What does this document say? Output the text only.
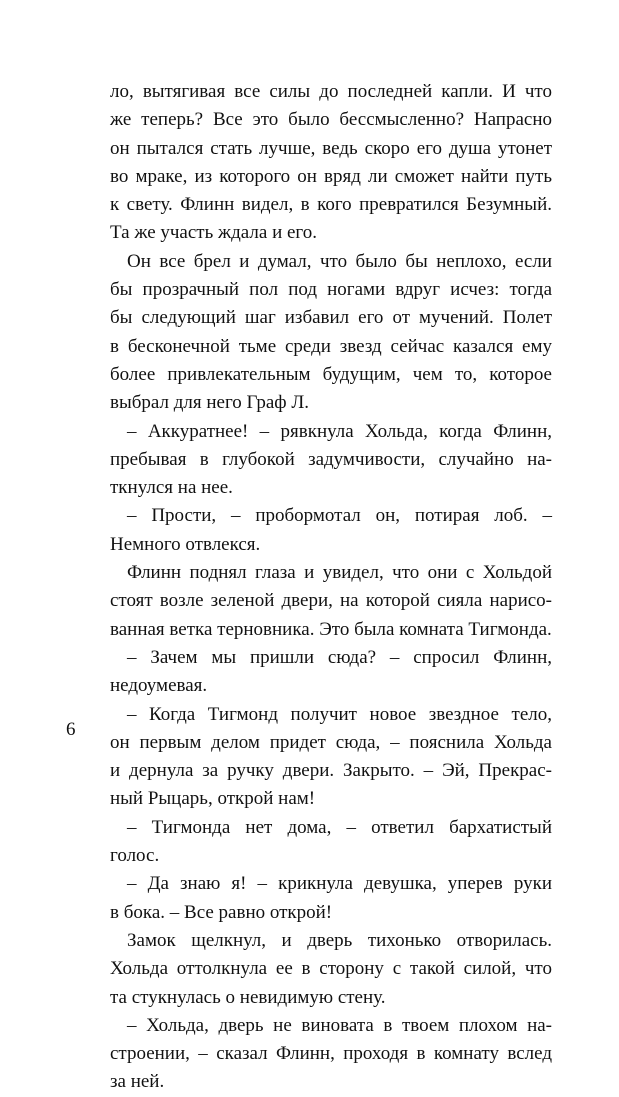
ло, вытягивая все силы до последней капли. И что
же теперь? Все это было бессмысленно? Напрасно
он пытался стать лучше, ведь скоро его душа утонет
во мраке, из которого он вряд ли сможет найти путь
к свету. Флинн видел, в кого превратился Безумный.
Та же участь ждала и его.
Он все брел и думал, что было бы неплохо, если
бы прозрачный пол под ногами вдруг исчез: тогда
бы следующий шаг избавил его от мучений. Полет
в бесконечной тьме среди звезд сейчас казался ему
более привлекательным будущим, чем то, которое
выбрал для него Граф Л.
– Аккуратнее! – рявкнула Хольда, когда Флинн,
пребывая в глубокой задумчивости, случайно на-
ткнулся на нее.
– Прости, – пробормотал он, потирая лоб. –
Немного отвлекся.
Флинн поднял глаза и увидел, что они с Хольдой
стоят возле зеленой двери, на которой сияла нарисо-
ванная ветка терновника. Это была комната Тигмонда.
– Зачем мы пришли сюда? – спросил Флинн,
недоумевая.
– Когда Тигмонд получит новое звездное тело,
он первым делом придет сюда, – пояснила Хольда
и дернула за ручку двери. Закрыто. – Эй, Прекрас-
ный Рыцарь, открой нам!
– Тигмонда нет дома, – ответил бархатистый
голос.
– Да знаю я! – крикнула девушка, уперев руки
в бока. – Все равно открой!
Замок щелкнул, и дверь тихонько отворилась.
Хольда оттолкнула ее в сторону с такой силой, что
та стукнулась о невидимую стену.
– Хольда, дверь не виновата в твоем плохом на-
строении, – сказал Флинн, проходя в комнату вслед
за ней.
6
